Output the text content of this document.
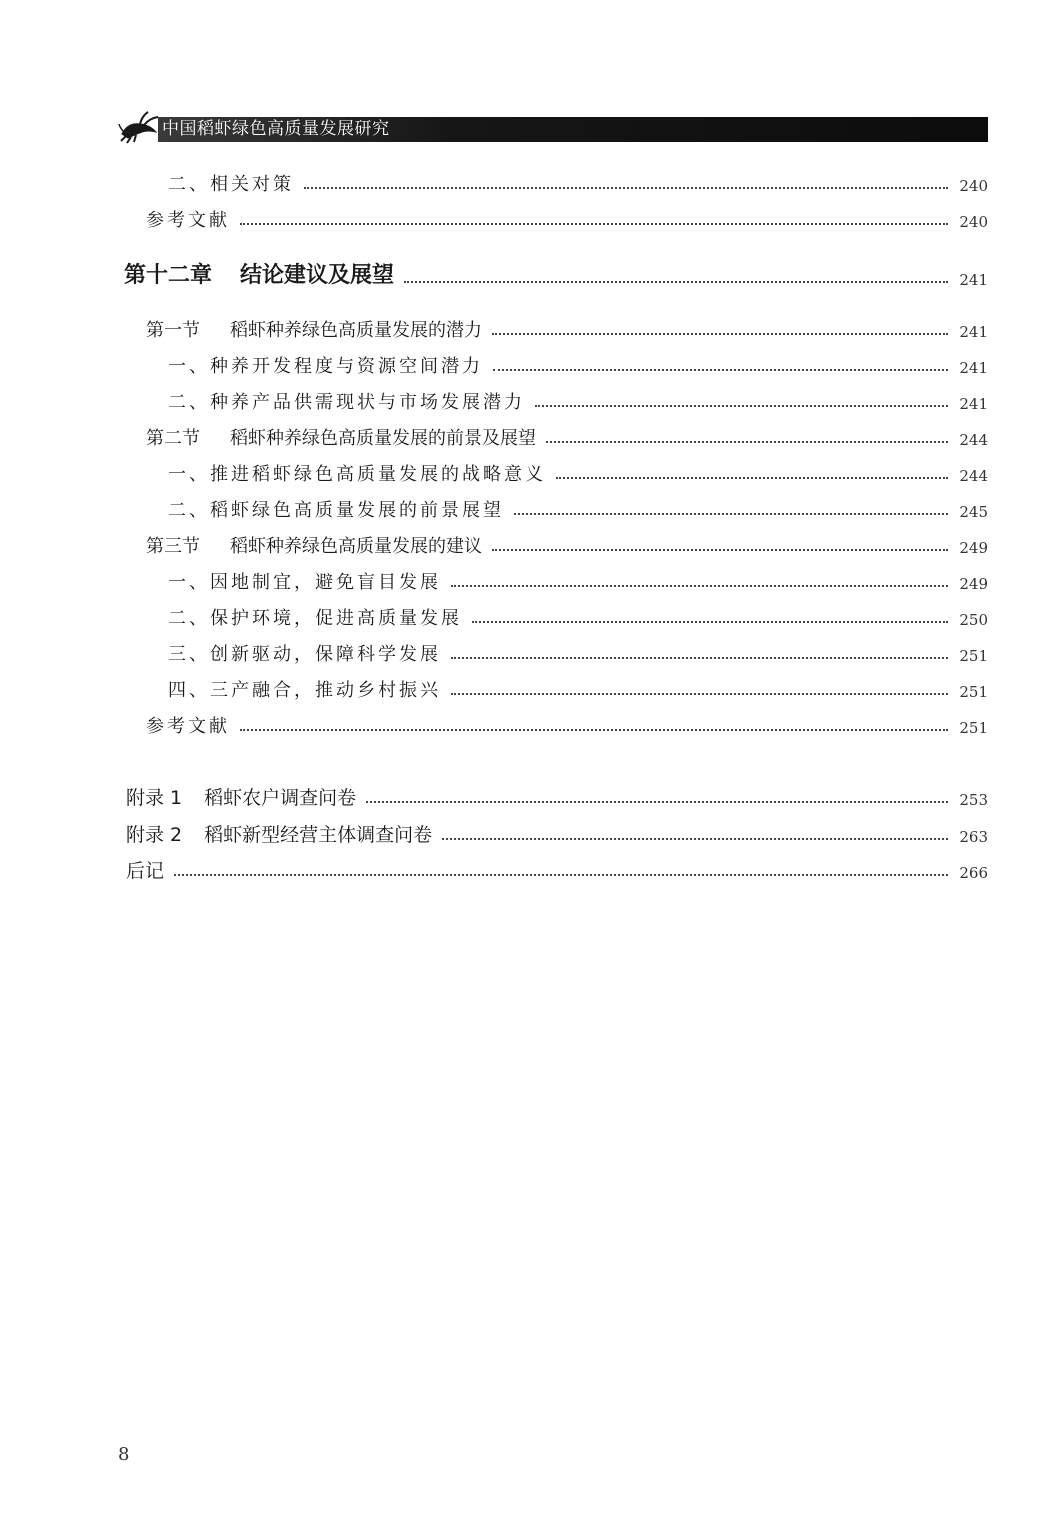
中国稻虾绿色高质量发展研究
二、相关对策	240
参考文献	240
第十二章 结论建议及展望	241
第一节 稻虾种养绿色高质量发展的潜力	241
一、种养开发程度与资源空间潜力	241
二、种养产品供需现状与市场发展潜力	241
第二节 稻虾种养绿色高质量发展的前景及展望	244
一、推进稻虾绿色高质量发展的战略意义	244
二、稻虾绿色高质量发展的前景展望	245
第三节 稻虾种养绿色高质量发展的建议	249
一、因地制宜，避免盲目发展	249
二、保护环境，促进高质量发展	250
三、创新驱动，保障科学发展	251
四、三产融合，推动乡村振兴	251
参考文献	251
附录 1 稻虾农户调查问卷	253
附录 2 稻虾新型经营主体调查问卷	263
后记	266
8
